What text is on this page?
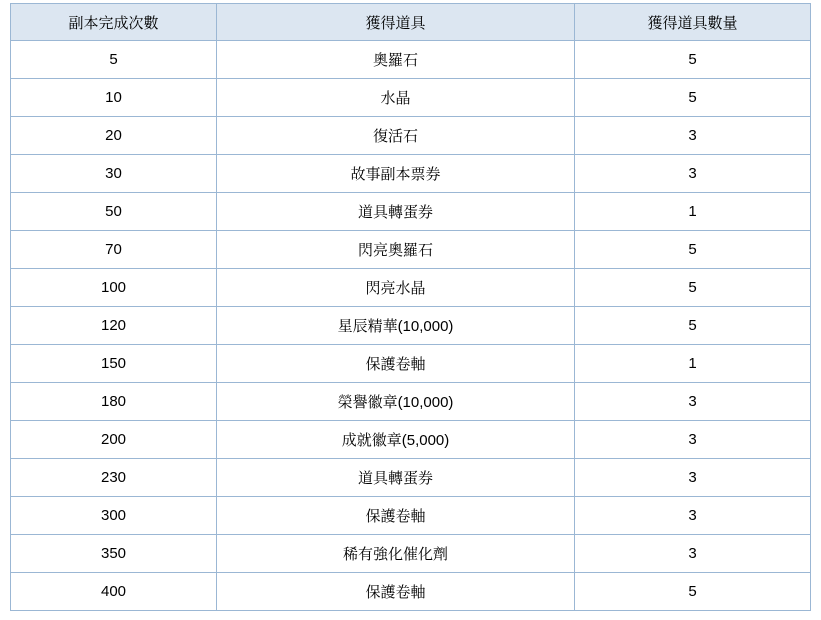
副本完成次數	獲得道具	獲得道具數量
5	奧羅石	5
10	水晶	5
20	復活石	3
30	故事副本票券	3
50	道具轉蛋券	1
70	閃亮奧羅石	5
100	閃亮水晶	5
120	星辰精華(10,000)	5
150	保護卷軸	1
180	榮譽徽章(10,000)	3
200	成就徽章(5,000)	3
230	道具轉蛋券	3
300	保護卷軸	3
350	稀有強化催化劑	3
400	保護卷軸	5
